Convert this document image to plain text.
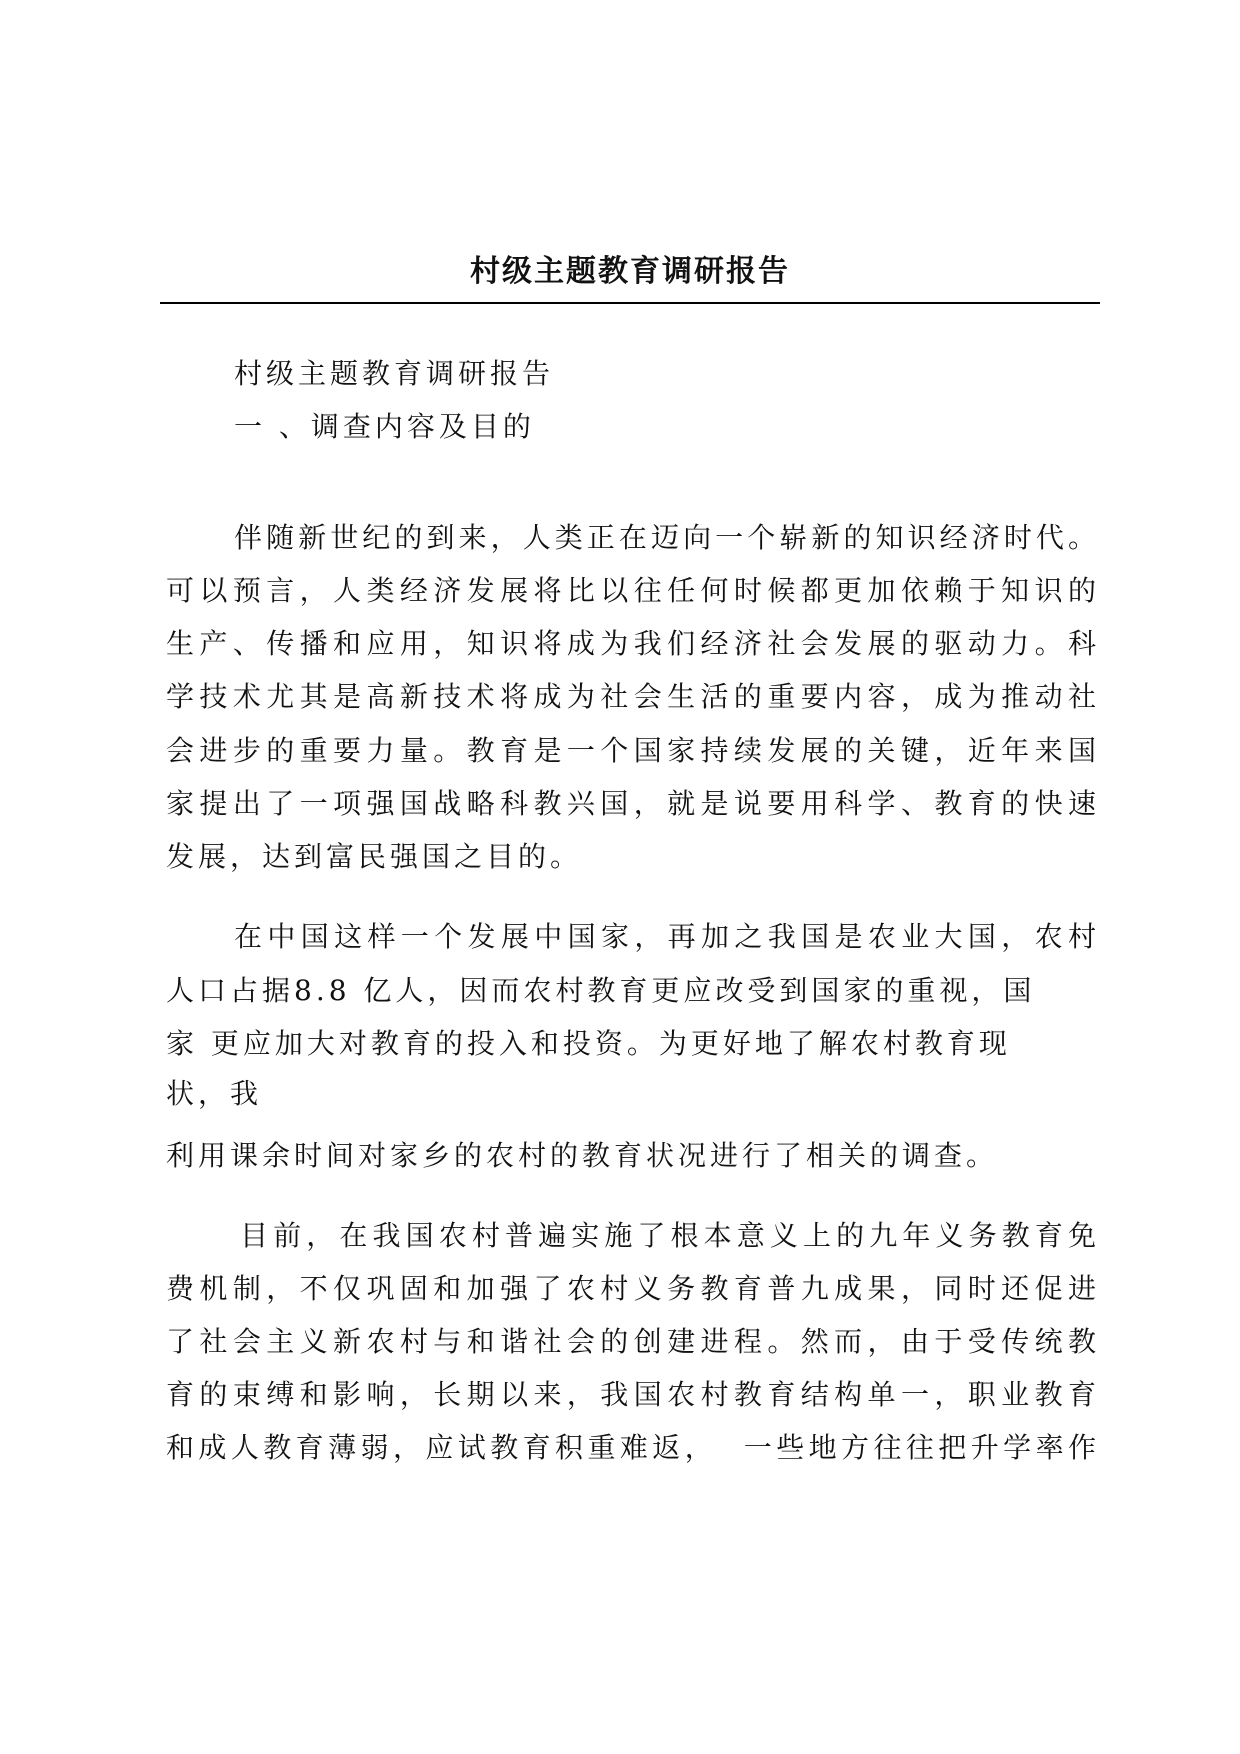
村级主题教育调研报告
村级主题教育调研报告
一 、调查内容及目的
伴随新世纪的到来，人类正在迈向一个崭新的知识经济时代。
可以预言，人类经济发展将比以往任何时候都更加依赖于知识的
生产、传播和应用，知识将成为我们经济社会发展的驱动力。科
学技术尤其是高新技术将成为社会生活的重要内容，成为推动社
会进步的重要力量。教育是一个国家持续发展的关键，近年来国
家提出了一项强国战略科教兴国，就是说要用科学、教育的快速
发展，达到富民强国之目的。
在中国这样一个发展中国家，再加之我国是农业大国，农村
人口占据8.8 亿人，因而农村教育更应改受到国家的重视，国
家 更应加大对教育的投入和投资。为更好地了解农村教育现
状，我
利用课余时间对家乡的农村的教育状况进行了相关的调查。
目前，在我国农村普遍实施了根本意义上的九年义务教育免
费机制，不仅巩固和加强了农村义务教育普九成果，同时还促进
了社会主义新农村与和谐社会的创建进程。然而，由于受传统教
育的束缚和影响，长期以来，我国农村教育结构单一，职业教育
和成人教育薄弱，应试教育积重难返，  一些地方往往把升学率作
